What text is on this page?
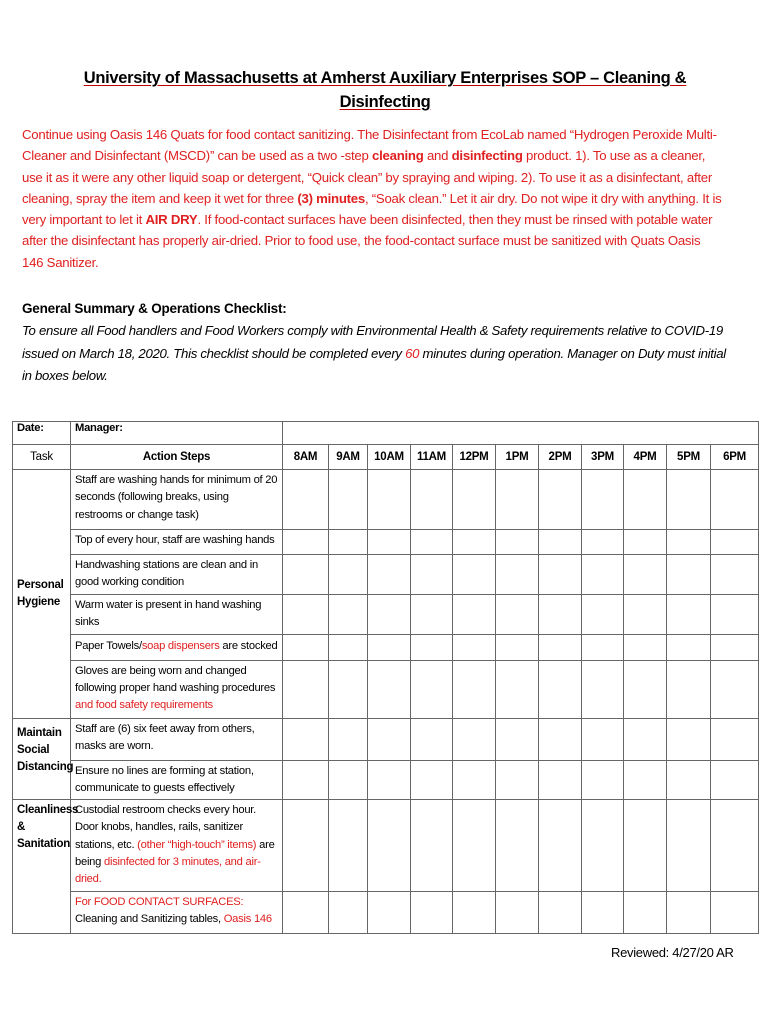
University of Massachusetts at Amherst Auxiliary Enterprises SOP – Cleaning &
Disinfecting
Continue using Oasis 146 Quats for food contact sanitizing. The Disinfectant from EcoLab named “Hydrogen Peroxide Multi-Cleaner and Disinfectant (MSCD)” can be used as a two -step cleaning and disinfecting product. 1). To use as a cleaner, use it as it were any other liquid soap or detergent, “Quick clean” by spraying and wiping. 2). To use it as a disinfectant, after cleaning, spray the item and keep it wet for three (3) minutes, “Soak clean.” Let it air dry. Do not wipe it dry with anything. It is very important to let it AIR DRY. If food-contact surfaces have been disinfected, then they must be rinsed with potable water after the disinfectant has properly air-dried. Prior to food use, the food-contact surface must be sanitized with Quats Oasis 146 Sanitizer.
General Summary & Operations Checklist:
To ensure all Food handlers and Food Workers comply with Environmental Health & Safety requirements relative to COVID-19 issued on March 18, 2020. This checklist should be completed every 60 minutes during operation. Manager on Duty must initial in boxes below.
Date:	Manager:											
Task	Action Steps	8AM	9AM	10AM	11AM	12PM	1PM	2PM	3PM	4PM	5PM	6PM
Personal Hygiene	Staff are washing hands for minimum of 20 seconds (following breaks, using restrooms or change task)											
	Top of every hour, staff are washing hands											
	Handwashing stations are clean and in good working condition											
	Warm water is present in hand washing sinks											
	Paper Towels/soap dispensers are stocked											
	Gloves are being worn and changed following proper hand washing procedures and food safety requirements											
Maintain Social Distancing	Staff are (6) six feet away from others, masks are worn.											
	Ensure no lines are forming at station, communicate to guests effectively											
Cleanliness & Sanitation	Custodial restroom checks every hour. Door knobs, handles, rails, sanitizer stations, etc. (other “high-touch” items) are being disinfected for 3 minutes, and air-dried.											
	For FOOD CONTACT SURFACES:
Cleaning and Sanitizing tables, Oasis 146											
Reviewed: 4/27/20 AR
